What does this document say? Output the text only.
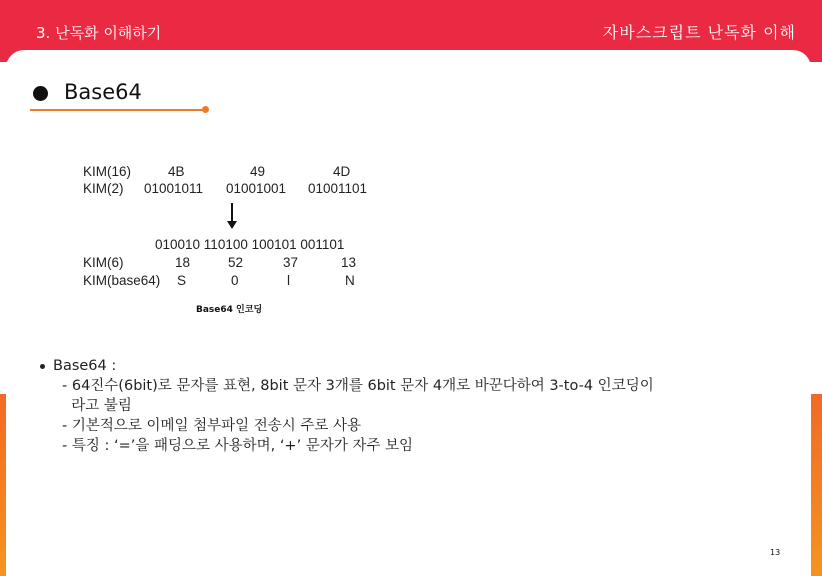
3. 난독화 이해하기	자바스크립트 난독화 이해
Base64
KIM(16)	4B	49	4D
KIM(2) 01001011 01001001 01001101
010010 110100 100101 001101
KIM(6)	18	52	37	13
KIM(base64) S	0	l	N
Base64 인코딩
Base64 :
- 64진수(6bit)로 문자를 표현, 8bit 문자 3개를 6bit 문자 4개로 바꾼다하여 3-to-4 인코딩이
라고 불림
- 기본적으로 이메일 첨부파일 전송시 주로 사용
- 특징 : ‘=’을 패딩으로 사용하며, ‘+’ 문자가 자주 보임
13
